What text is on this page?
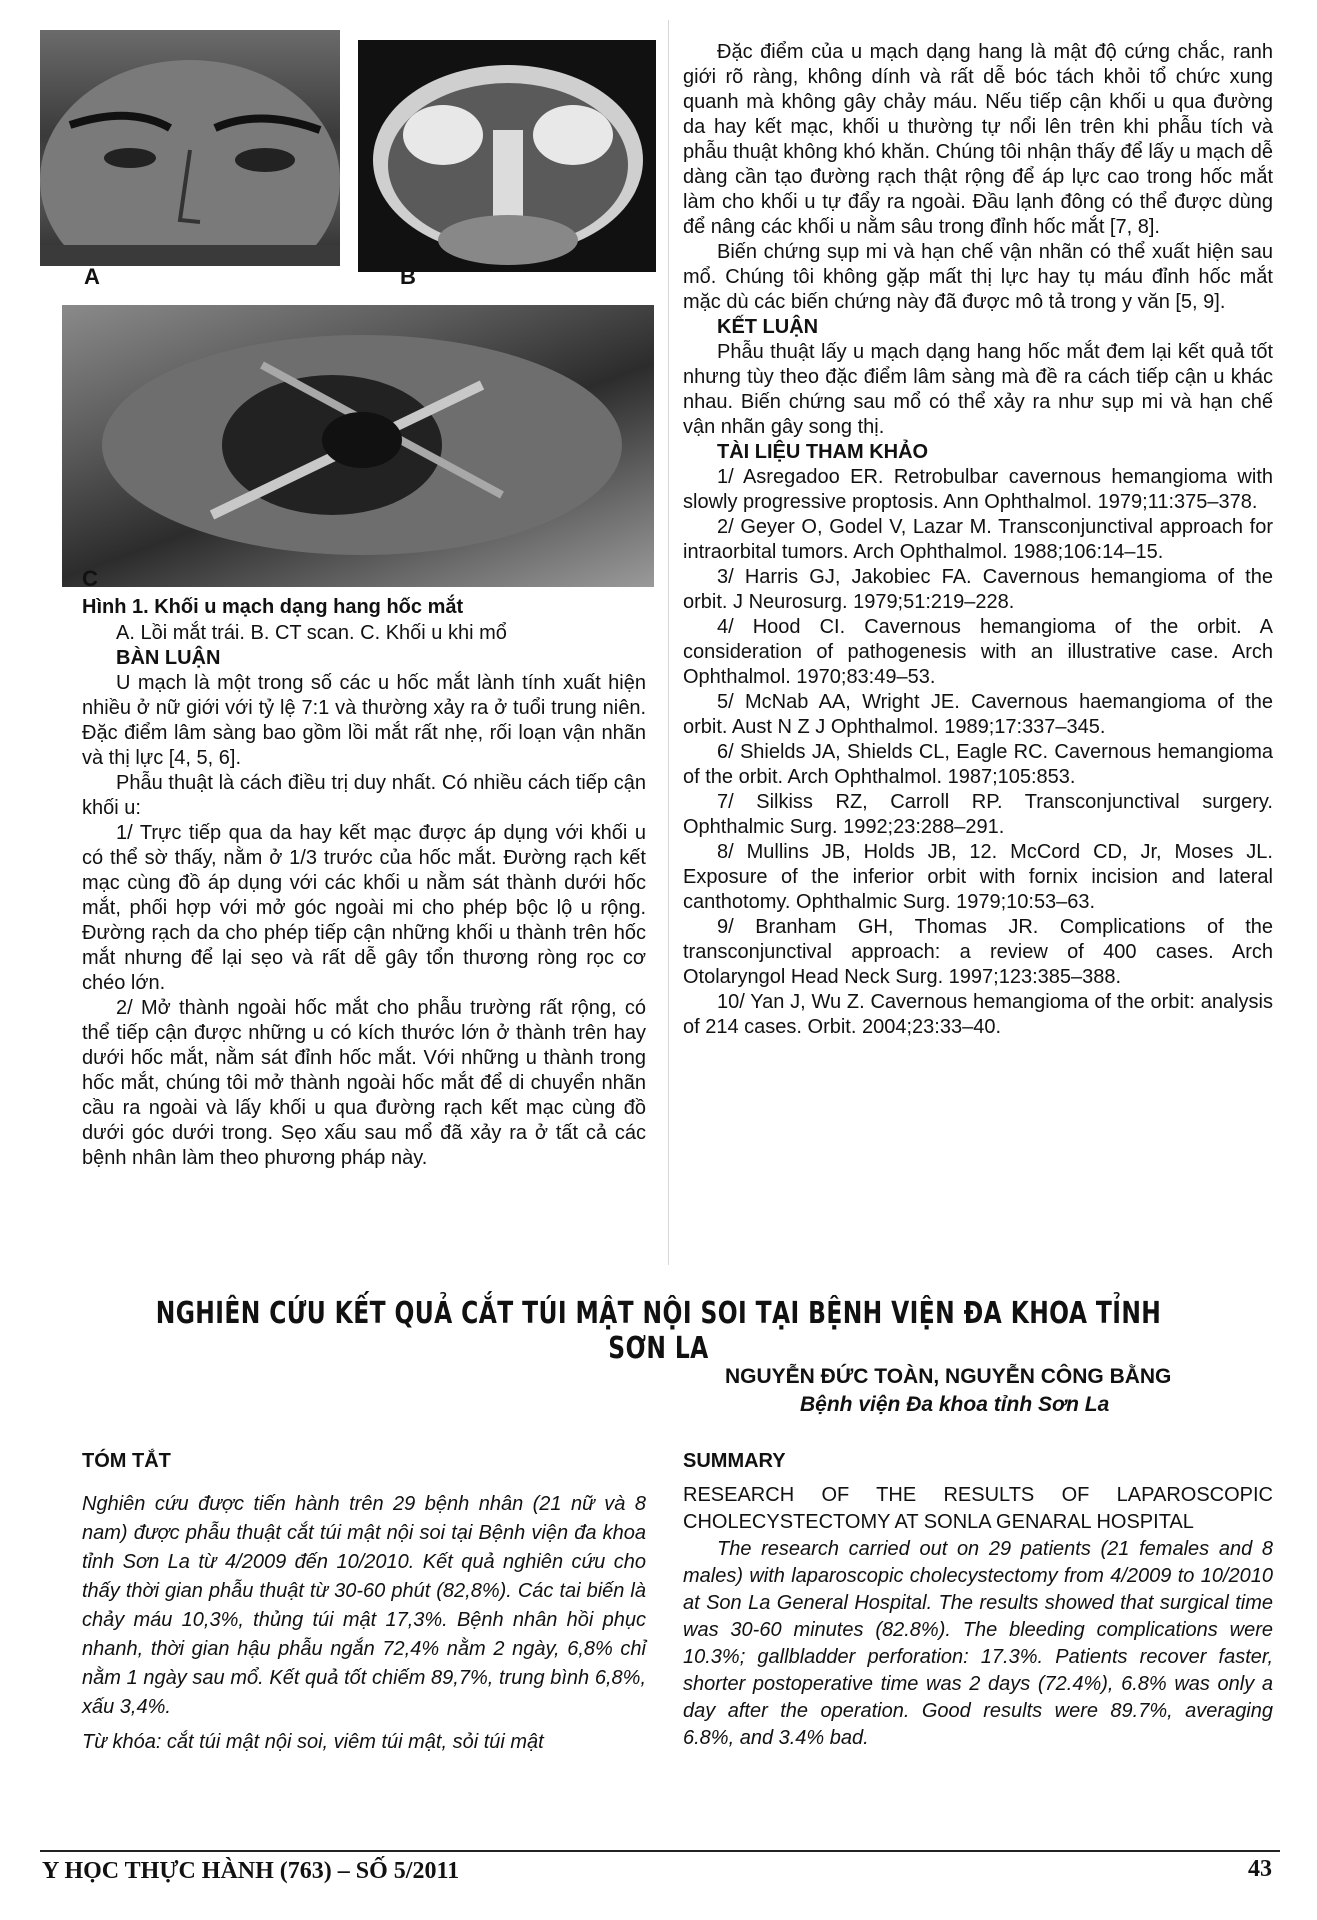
A	B
C
Hình 1. Khối u mạch dạng hang hốc mắt
A. Lồi mắt trái. B. CT scan. C. Khối u khi mổ
BÀN LUẬN

U mạch là một trong số các u hốc mắt lành tính xuất hiện nhiều ở nữ giới với tỷ lệ 7:1 và thường xảy ra ở tuổi trung niên. Đặc điểm lâm sàng bao gồm lồi mắt rất nhẹ, rối loạn vận nhãn và thị lực [4, 5, 6].

Phẫu thuật là cách điều trị duy nhất. Có nhiều cách tiếp cận khối u:

1/ Trực tiếp qua da hay kết mạc được áp dụng với khối u có thể sờ thấy, nằm ở 1/3 trước của hốc mắt. Đường rạch kết mạc cùng đồ áp dụng với các khối u nằm sát thành dưới hốc mắt, phối hợp với mở góc ngoài mi cho phép bộc lộ u rộng. Đường rạch da cho phép tiếp cận những khối u thành trên hốc mắt nhưng để lại sẹo và rất dễ gây tổn thương ròng rọc cơ chéo lớn.

2/ Mở thành ngoài hốc mắt cho phẫu trường rất rộng, có thể tiếp cận được những u có kích thước lớn ở thành trên hay dưới hốc mắt, nằm sát đỉnh hốc mắt. Với những u thành trong hốc mắt, chúng tôi mở thành ngoài hốc mắt để di chuyển nhãn cầu ra ngoài và lấy khối u qua đường rạch kết mạc cùng đồ dưới góc dưới trong. Sẹo xấu sau mổ đã xảy ra ở tất cả các bệnh nhân làm theo phương pháp này.

Đặc điểm của u mạch dạng hang là mật độ cứng chắc, ranh giới rõ ràng, không dính và rất dễ bóc tách khỏi tổ chức xung quanh mà không gây chảy máu. Nếu tiếp cận khối u qua đường da hay kết mạc, khối u thường tự nổi lên trên khi phẫu tích và phẫu thuật không khó khăn. Chúng tôi nhận thấy để lấy u mạch dễ dàng cần tạo đường rạch thật rộng để áp lực cao trong hốc mắt làm cho khối u tự đẩy ra ngoài. Đầu lạnh đông có thể được dùng để nâng các khối u nằm sâu trong đỉnh hốc mắt [7, 8].

Biến chứng sụp mi và hạn chế vận nhãn có thể xuất hiện sau mổ. Chúng tôi không gặp mất thị lực hay tụ máu đỉnh hốc mắt mặc dù các biến chứng này đã được mô tả trong y văn [5, 9].

KẾT LUẬN

Phẫu thuật lấy u mạch dạng hang hốc mắt đem lại kết quả tốt nhưng tùy theo đặc điểm lâm sàng mà đề ra cách tiếp cận u khác nhau. Biến chứng sau mổ có thể xảy ra như sụp mi và hạn chế vận nhãn gây song thị.

TÀI LIỆU THAM KHẢO

1/ Asregadoo ER. Retrobulbar cavernous hemangioma with slowly progressive proptosis. Ann Ophthalmol. 1979;11:375–378.

2/ Geyer O, Godel V, Lazar M. Transconjunctival approach for intraorbital tumors. Arch Ophthalmol. 1988;106:14–15.

3/ Harris GJ, Jakobiec FA. Cavernous hemangioma of the orbit. J Neurosurg. 1979;51:219–228.

4/ Hood CI. Cavernous hemangioma of the orbit. A consideration of pathogenesis with an illustrative case. Arch Ophthalmol. 1970;83:49–53.

5/ McNab AA, Wright JE. Cavernous haemangioma of the orbit. Aust N Z J Ophthalmol. 1989;17:337–345.

6/ Shields JA, Shields CL, Eagle RC. Cavernous hemangioma of the orbit. Arch Ophthalmol. 1987;105:853.

7/ Silkiss RZ, Carroll RP. Transconjunctival surgery. Ophthalmic Surg. 1992;23:288–291.

8/ Mullins JB, Holds JB, 12. McCord CD, Jr, Moses JL. Exposure of the inferior orbit with fornix incision and lateral canthotomy. Ophthalmic Surg. 1979;10:53–63.

9/ Branham GH, Thomas JR. Complications of the transconjunctival approach: a review of 400 cases. Arch Otolaryngol Head Neck Surg. 1997;123:385–388.

10/ Yan J, Wu Z. Cavernous hemangioma of the orbit: analysis of 214 cases. Orbit. 2004;23:33–40.

NGHIÊN CỨU KẾT QUẢ CẮT TÚI MẬT NỘI SOI TẠI BỆNH VIỆN ĐA KHOA TỈNH SƠN LA
NGUYỄN ĐỨC TOÀN, NGUYỄN CÔNG BẰNG
Bệnh viện Đa khoa tỉnh Sơn La
TÓM TẮT

Nghiên cứu được tiến hành trên 29 bệnh nhân (21 nữ và 8 nam) được phẫu thuật cắt túi mật nội soi tại Bệnh viện đa khoa tỉnh Sơn La từ 4/2009 đến 10/2010. Kết quả nghiên cứu cho thấy thời gian phẫu thuật từ 30-60 phút (82,8%). Các tai biến là chảy máu 10,3%, thủng túi mật 17,3%. Bệnh nhân hồi phục nhanh, thời gian hậu phẫu ngắn 72,4% nằm 2 ngày, 6,8% chỉ nằm 1 ngày sau mổ. Kết quả tốt chiếm 89,7%, trung bình 6,8%, xấu 3,4%.

Từ khóa: cắt túi mật nội soi, viêm túi mật, sỏi túi mật

SUMMARY

RESEARCH OF THE RESULTS OF LAPAROSCOPIC CHOLECYSTECTOMY AT SONLA GENARAL HOSPITAL

The research carried out on 29 patients (21 females and 8 males) with laparoscopic cholecystectomy from 4/2009 to 10/2010 at Son La General Hospital. The results showed that surgical time was 30-60 minutes (82.8%). The bleeding complications were 10.3%; gallbladder perforation: 17.3%. Patients recover faster, shorter postoperative time was 2 days (72.4%), 6.8% was only a day after the operation. Good results were 89.7%, averaging 6.8%, and 3.4% bad.

Y HỌC THỰC HÀNH (763) – SỐ 5/2011	43
